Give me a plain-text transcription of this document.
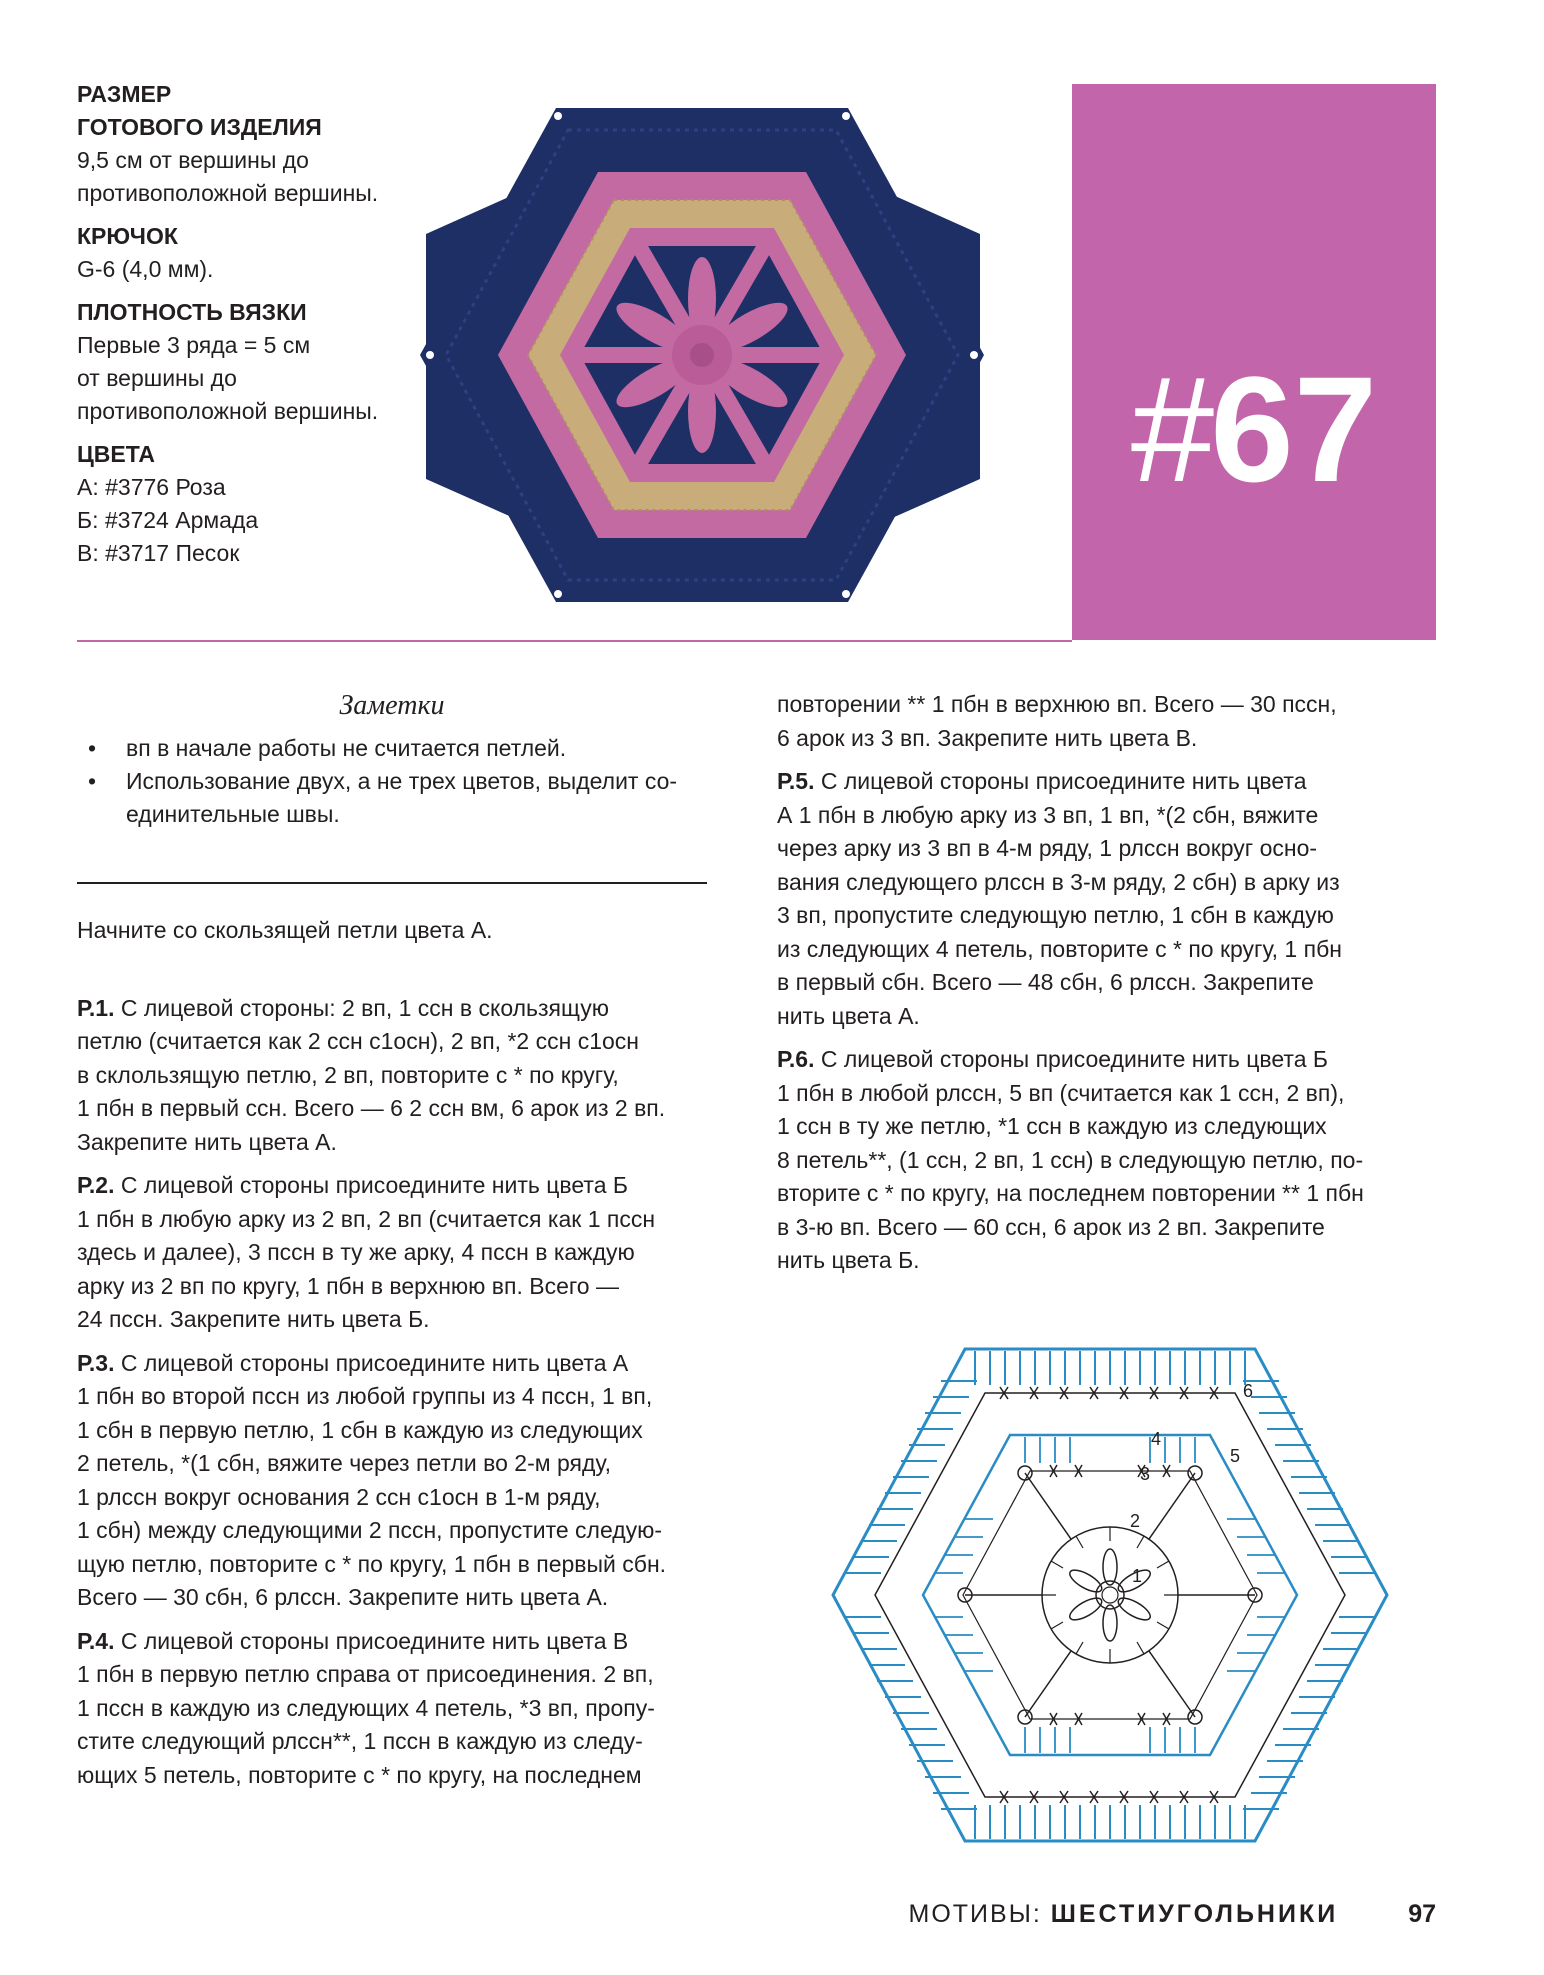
РАЗМЕР
ГОТОВОГО ИЗДЕЛИЯ
9,5 см от вершины до
противоположной вершины.
КРЮЧОК
G-6 (4,0 мм).
ПЛОТНОСТЬ ВЯЗКИ
Первые 3 ряда = 5 см
от вершины до
противоположной вершины.
ЦВЕТА
А: #3776 Роза
Б: #3724 Армада
В: #3717 Песок
#67
Заметки
•	вп в начале работы не считается петлей.
•	Использование двух, а не трех цветов, выделит со-
единительные швы.
Начните со скользящей петли цвета А.
Р.1. С лицевой стороны: 2 вп, 1 ссн в скользящую
петлю (считается как 2 ссн с1осн), 2 вп, *2 ссн с1осн
в склользящую петлю, 2 вп, повторите с * по кругу,
1 пбн в первый ссн. Всего — 6 2 ссн вм, 6 арок из 2 вп.
Закрепите нить цвета А.
Р.2. С лицевой стороны присоедините нить цвета Б
1 пбн в любую арку из 2 вп, 2 вп (считается как 1 пссн
здесь и далее), 3 пссн в ту же арку, 4 пссн в каждую
арку из 2 вп по кругу, 1 пбн в верхнюю вп. Всего —
24 пссн. Закрепите нить цвета Б.
Р.3. С лицевой стороны присоедините нить цвета А
1 пбн во второй пссн из любой группы из 4 пссн, 1 вп,
1 сбн в первую петлю, 1 сбн в каждую из следующих
2 петель, *(1 сбн, вяжите через петли во 2-м ряду,
1 рлссн вокруг основания 2 ссн с1осн в 1-м ряду,
1 сбн) между следующими 2 пссн, пропустите следую-
щую петлю, повторите с * по кругу, 1 пбн в первый сбн.
Всего — 30 сбн, 6 рлссн. Закрепите нить цвета А.
Р.4. С лицевой стороны присоедините нить цвета В
1 пбн в первую петлю справа от присоединения. 2 вп,
1 пссн в каждую из следующих 4 петель, *3 вп, пропу-
стите следующий рлссн**, 1 пссн в каждую из следу-
ющих 5 петель, повторите с * по кругу, на последнем
повторении ** 1 пбн в верхнюю вп. Всего — 30 пссн,
6 арок из 3 вп. Закрепите нить цвета В.
Р.5. С лицевой стороны присоедините нить цвета
А 1 пбн в любую арку из 3 вп, 1 вп, *(2 сбн, вяжите
через арку из 3 вп в 4-м ряду, 1 рлссн вокруг осно-
вания следующего рлссн в 3-м ряду, 2 сбн) в арку из
3 вп, пропустите следующую петлю, 1 сбн в каждую
из следующих 4 петель, повторите с * по кругу, 1 пбн
в первый сбн. Всего — 48 сбн, 6 рлссн. Закрепите
нить цвета А.
Р.6. С лицевой стороны присоедините нить цвета Б
1 пбн в любой рлссн, 5 вп (считается как 1 ссн, 2 вп),
1 ссн в ту же петлю, *1 ссн в каждую из следующих
8 петель**, (1 ссн, 2 вп, 1 ссн) в следующую петлю, по-
вторите с * по кругу, на последнем повторении ** 1 пбн
в 3-ю вп. Всего — 60 ссн, 6 арок из 2 вп. Закрепите
нить цвета Б.
1
2
3
4
5
6
МОТИВЫ: ШЕСТИУГОЛЬНИКИ	97
